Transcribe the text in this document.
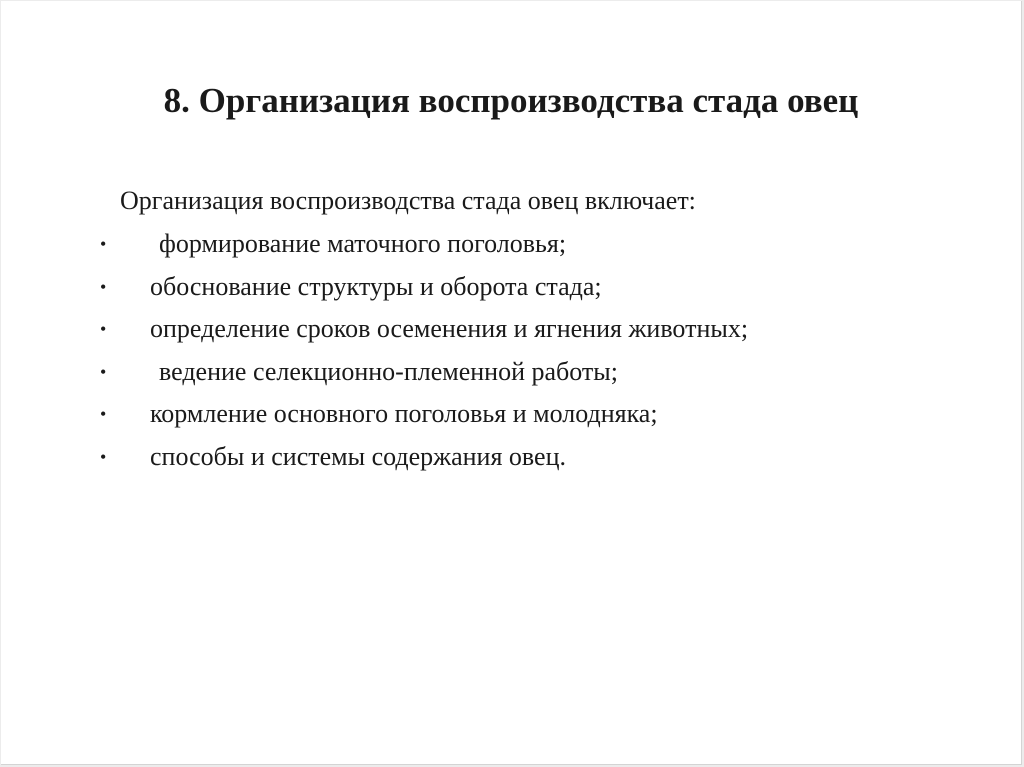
8. Организация воспроизводства стада овец
Организация воспроизводства стада овец включает:
• формирование маточного поголовья;
• обоснование структуры и оборота стада;
• определение сроков осеменения и ягнения животных;
• ведение селекционно-племенной работы;
• кормление основного поголовья и молодняка;
• способы и системы содержания овец.
